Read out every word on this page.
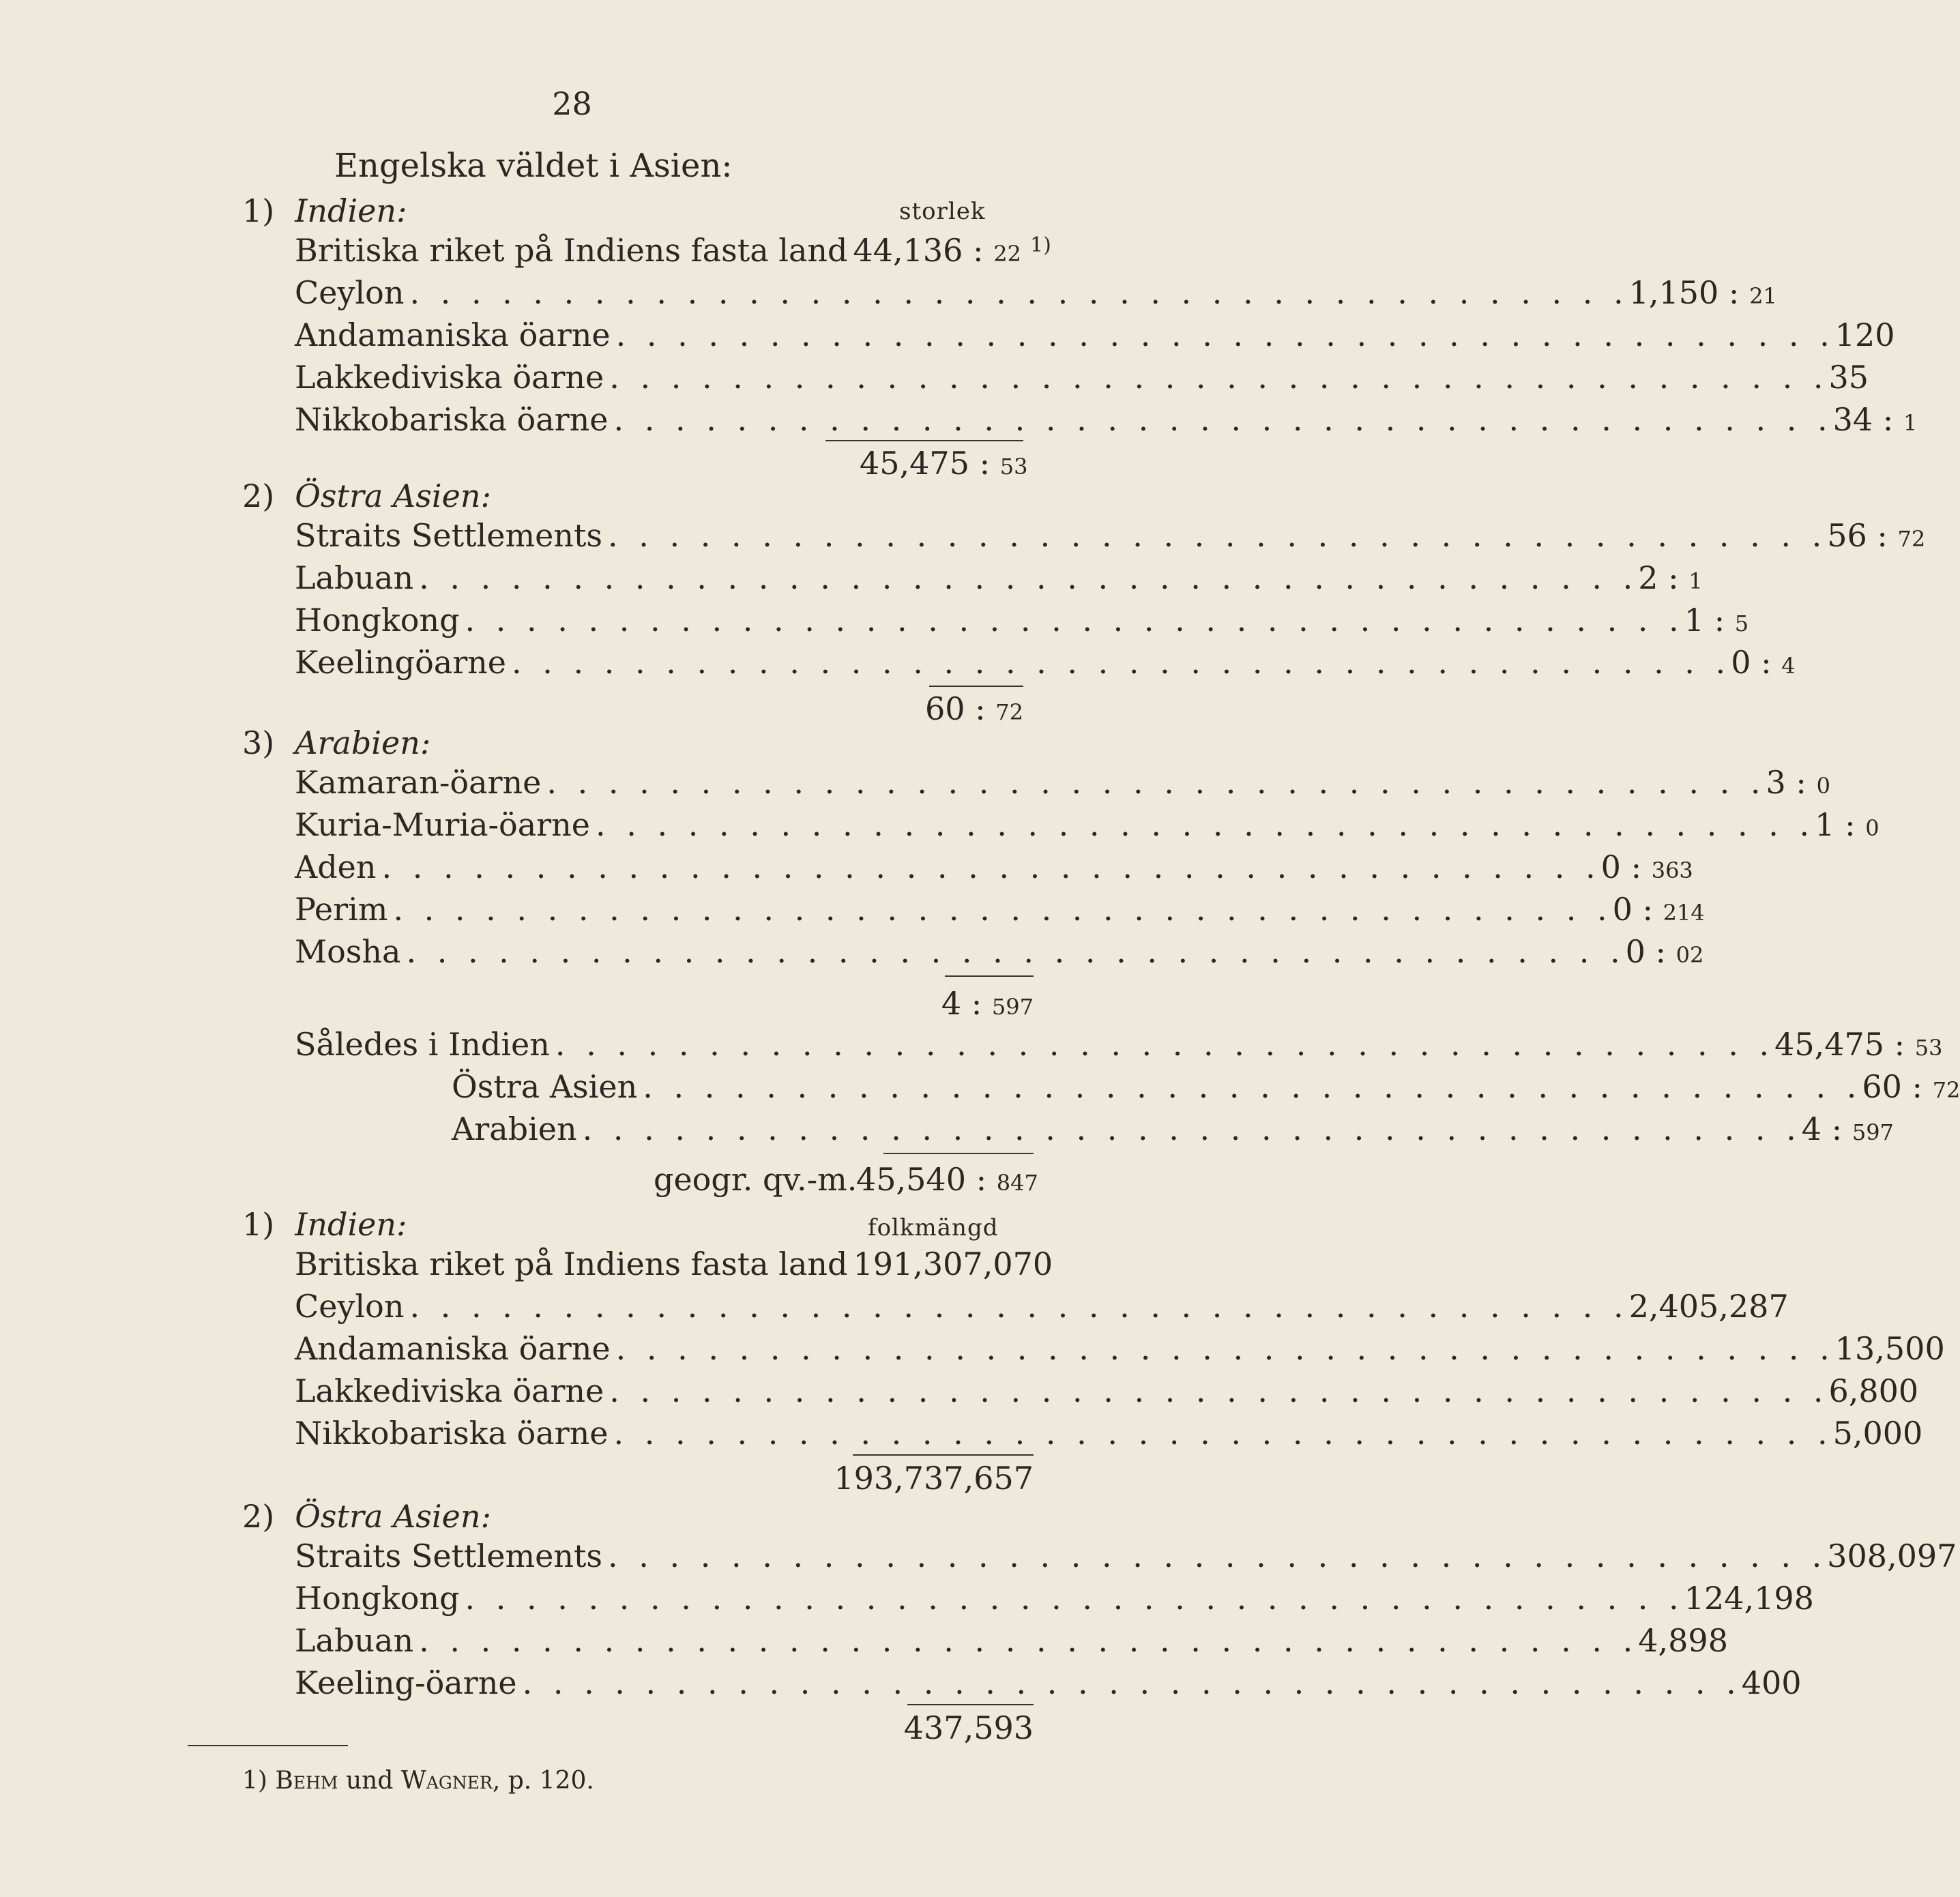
28
Engelska väldet i Asien:
storlek
1) Indien:
Britiska riket på Indiens fasta land 44,136 : 22 1)
Ceylon . . . . . . . . . . . . . . . . . . . . . . . . . . . . . . . . . . . . . . . . 1,150 : 21
Andamaniska öarne . . . . . . . . . . . . . . . . . . . . . . . . . . . . . . . . . . . . . . . . 120
Lakkediviska öarne . . . . . . . . . . . . . . . . . . . . . . . . . . . . . . . . . . . . . . . . 35
Nikkobariska öarne . . . . . . . . . . . . . . . . . . . . . . . . . . . . . . . . . . . . . . . . 34 : 1
45,475 : 53
2) Östra Asien:
Straits Settlements . . . . . . . . . . . . . . . . . . . . . . . . . . . . . . . . . . . . . . . . 56 : 72
Labuan . . . . . . . . . . . . . . . . . . . . . . . . . . . . . . . . . . . . . . . . 2 : 1
Hongkong . . . . . . . . . . . . . . . . . . . . . . . . . . . . . . . . . . . . . . . . 1 : 5
Keelingöarne . . . . . . . . . . . . . . . . . . . . . . . . . . . . . . . . . . . . . . . . 0 : 4
60 : 72
3) Arabien:
Kamaran-öarne . . . . . . . . . . . . . . . . . . . . . . . . . . . . . . . . . . . . . . . . 3 : 0
Kuria-Muria-öarne . . . . . . . . . . . . . . . . . . . . . . . . . . . . . . . . . . . . . . . . 1 : 0
Aden . . . . . . . . . . . . . . . . . . . . . . . . . . . . . . . . . . . . . . . . 0 : 363
Perim . . . . . . . . . . . . . . . . . . . . . . . . . . . . . . . . . . . . . . . . 0 : 214
Mosha . . . . . . . . . . . . . . . . . . . . . . . . . . . . . . . . . . . . . . . . 0 : 02
4 : 597
Således i Indien . . . . . . . . . . . . . . . . . . . . . . . . . . . . . . . . . . . . . . . . 45,475 : 53
Östra Asien . . . . . . . . . . . . . . . . . . . . . . . . . . . . . . . . . . . . . . . . 60 : 72
Arabien . . . . . . . . . . . . . . . . . . . . . . . . . . . . . . . . . . . . . . . . 4 : 597
geogr. qv.-m.
45,540 : 847
1) Indien:	folkmängd
Britiska riket på Indiens fasta land 191,307,070
Ceylon . . . . . . . . . . . . . . . . . . . . . . . . . . . . . . . . . . . . . . . . 2,405,287
Andamaniska öarne . . . . . . . . . . . . . . . . . . . . . . . . . . . . . . . . . . . . . . . . 13,500
Lakkediviska öarne . . . . . . . . . . . . . . . . . . . . . . . . . . . . . . . . . . . . . . . . 6,800
Nikkobariska öarne . . . . . . . . . . . . . . . . . . . . . . . . . . . . . . . . . . . . . . . . 5,000
193,737,657
2) Östra Asien:
Straits Settlements . . . . . . . . . . . . . . . . . . . . . . . . . . . . . . . . . . . . . . . . 308,097
Hongkong . . . . . . . . . . . . . . . . . . . . . . . . . . . . . . . . . . . . . . . . 124,198
Labuan . . . . . . . . . . . . . . . . . . . . . . . . . . . . . . . . . . . . . . . . 4,898
Keeling-öarne . . . . . . . . . . . . . . . . . . . . . . . . . . . . . . . . . . . . . . . . 400
437,593
1) Behm und Wagner, p. 120.
